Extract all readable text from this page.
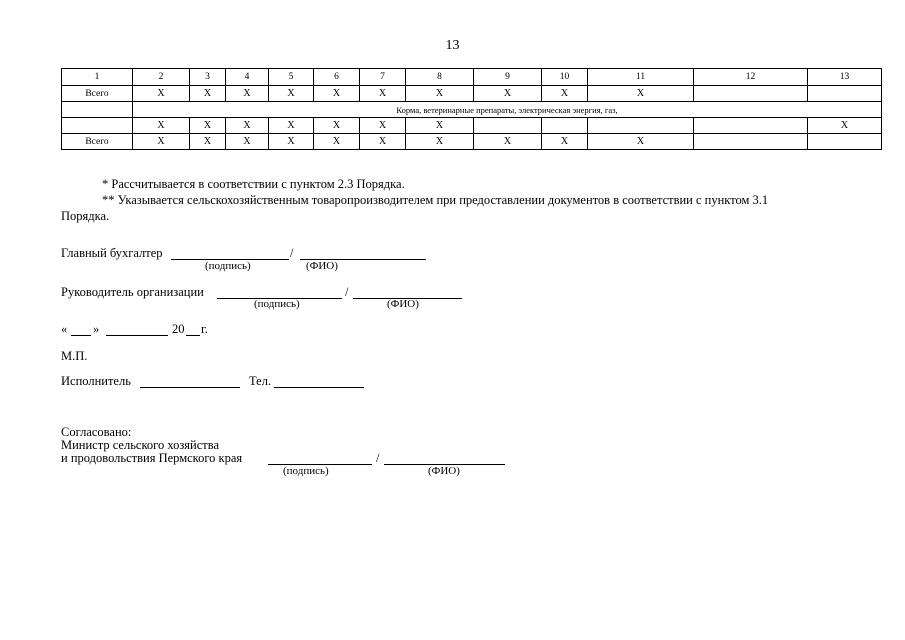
13
1	2	3	4	5	6	7	8	9	10	11	12	13
Всего	X	X	X	X	X	X	X	X	X	X		
	Корма, ветеринарные препараты, электрическая энергия, газ,											
	X	X	X	X	X	X	X					X
Всего	X	X	X	X	X	X	X	X	X	X		
* Рассчитывается в соответствии с пунктом 2.3 Порядка.
** Указывается сельскохозяйственным товаропроизводителем при предоставлении документов в соответствии с пунктом 3.1
Порядка.
Главный бухгалтер	/
(подпись)	(ФИО)
Руководитель организации	/
(подпись)	(ФИО)
« »	20 г.
М.П.
Исполнитель	Тел.
Согласовано:
Министр сельского хозяйства
и продовольствия Пермского края	/
(подпись)	(ФИО)
